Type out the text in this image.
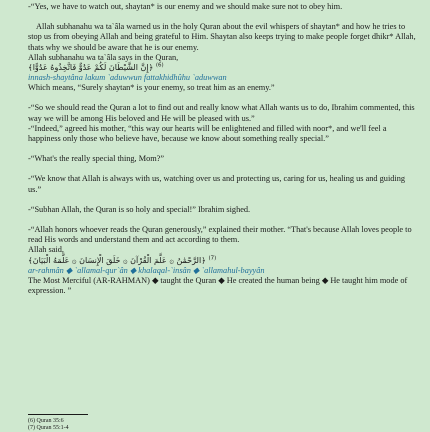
-“Yes, we have to watch out, shaytan* is our enemy and we should make sure not to obey him.

Allah subhanahu wa ta`âla warned us in the holy Quran about the evil whispers of shaytan* and how he tries to stop us from obeying Allah and being grateful to Him. Shaytan also keeps trying to make people forget dhikr* Allah, thats why we should be aware that he is our enemy.

Allah subhanahu wa ta`âla says in the Quran,

$^{(6)}$ ﴿إِنَّ الشَّيْطَانَ لَكُمْ عَدُوٌّ فَاتَّخِذُوهُ عَدُوًّا﴾

innash-shaytâna lakum `aduwwun fattakhidhûhu `aduwwan

Which means, “Surely shaytan* is your enemy, so treat him as an enemy.”

-“So we should read the Quran a lot to find out and really know what Allah wants us to do, Ibrahim commented, this way we will be among His beloved and He will be pleased with us.”

-“Indeed,” agreed his mother, “this way our hearts will be enlightened and filled with noor*, and we'll feel a happiness only those who believe have, because we know about something really special.”

-“What's the really special thing, Mom?”

-“We know that Allah is always with us, watching over us and protecting us, caring for us, healing us and guiding us.”

-“Subhan Allah, the Quran is so holy and special!” Ibrahim sighed.

-“Allah honors whoever reads the Quran generously,” explained their mother. “That's because Allah loves people to read His words and understand them and act according to them.

Allah said,

$^{(7)}$ ﴿الرَّحْمَٰنُ ۞ عَلَّمَ الْقُرْآنَ ۞ خَلَقَ الْإِنسَانَ ۞ عَلَّمَهُ الْبَيَانَ﴾

ar-rahmân ◆ `allamal-qur`ân ◆ khalaqal-`insân ◆ `allamahul-bayyân

The Most Merciful (AR-RAHMAN) ◆ taught the Quran ◆ He created the human being ◆ He taught him mode of expression. ”

(6) Quran 35:6
(7) Quran 55:1-4
